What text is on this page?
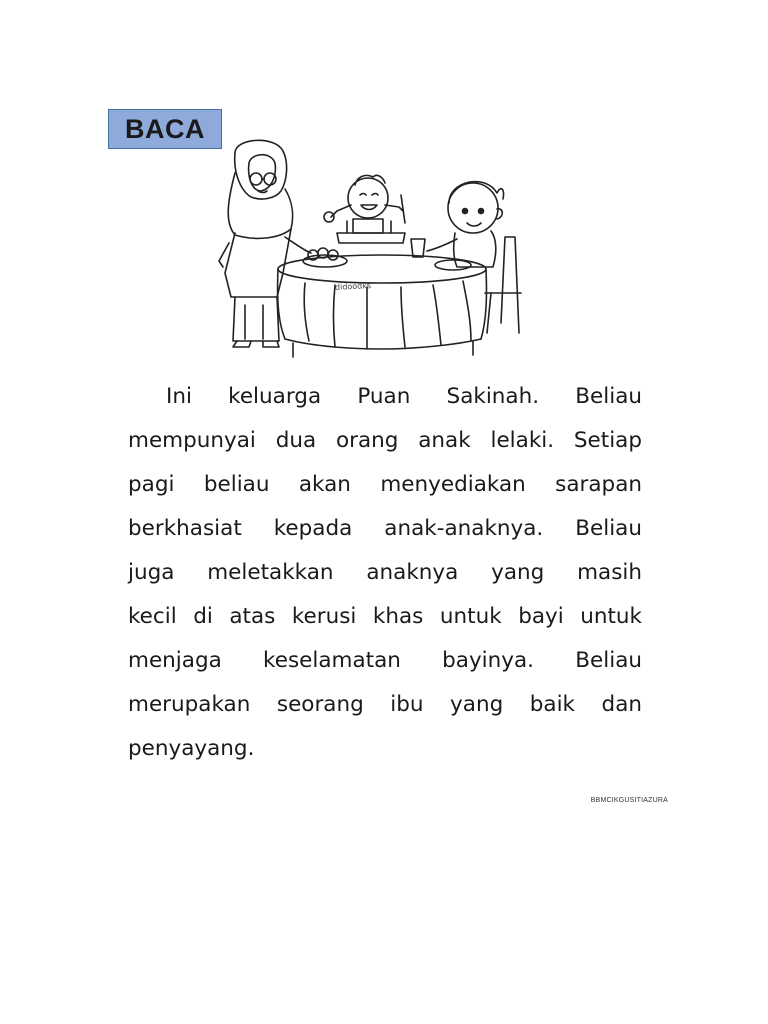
BACA
didoodks
Ini keluarga Puan Sakinah. Beliau
mempunyai dua orang anak lelaki. Setiap
pagi beliau akan menyediakan sarapan
berkhasiat kepada anak-anaknya. Beliau
juga meletakkan anaknya yang masih
kecil di atas kerusi khas untuk bayi untuk
menjaga keselamatan bayinya. Beliau
merupakan seorang ibu yang baik dan
penyayang.
BBMCIKGUSITIAZURA
